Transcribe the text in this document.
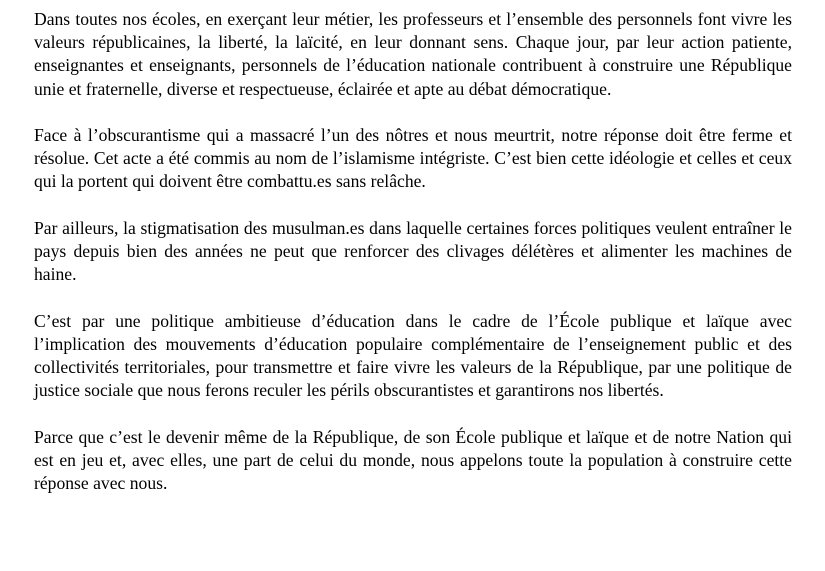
Dans toutes nos écoles, en exerçant leur métier, les professeurs et l’ensemble des personnels font vivre les valeurs républicaines, la liberté, la laïcité, en leur donnant sens. Chaque jour, par leur action patiente, enseignantes et enseignants, personnels de l’éducation nationale contribuent à construire une République unie et fraternelle, diverse et respectueuse, éclairée et apte au débat démocratique.

Face à l’obscurantisme qui a massacré l’un des nôtres et nous meurtrit, notre réponse doit être ferme et résolue. Cet acte a été commis au nom de l’islamisme intégriste. C’est bien cette idéologie et celles et ceux qui la portent qui doivent être combattu.es sans relâche.

Par ailleurs, la stigmatisation des musulman.es dans laquelle certaines forces politiques veulent entraîner le pays depuis bien des années ne peut que renforcer des clivages délétères et alimenter les machines de haine.

C’est par une politique ambitieuse d’éducation dans le cadre de l’École publique et laïque avec l’implication des mouvements d’éducation populaire complémentaire de l’enseignement public et des collectivités territoriales, pour transmettre et faire vivre les valeurs de la République, par une politique de justice sociale que nous ferons reculer les périls obscurantistes et garantirons nos libertés.

Parce que c’est le devenir même de la République, de son École publique et laïque et de notre Nation qui est en jeu et, avec elles, une part de celui du monde, nous appelons toute la population à construire cette réponse avec nous.
